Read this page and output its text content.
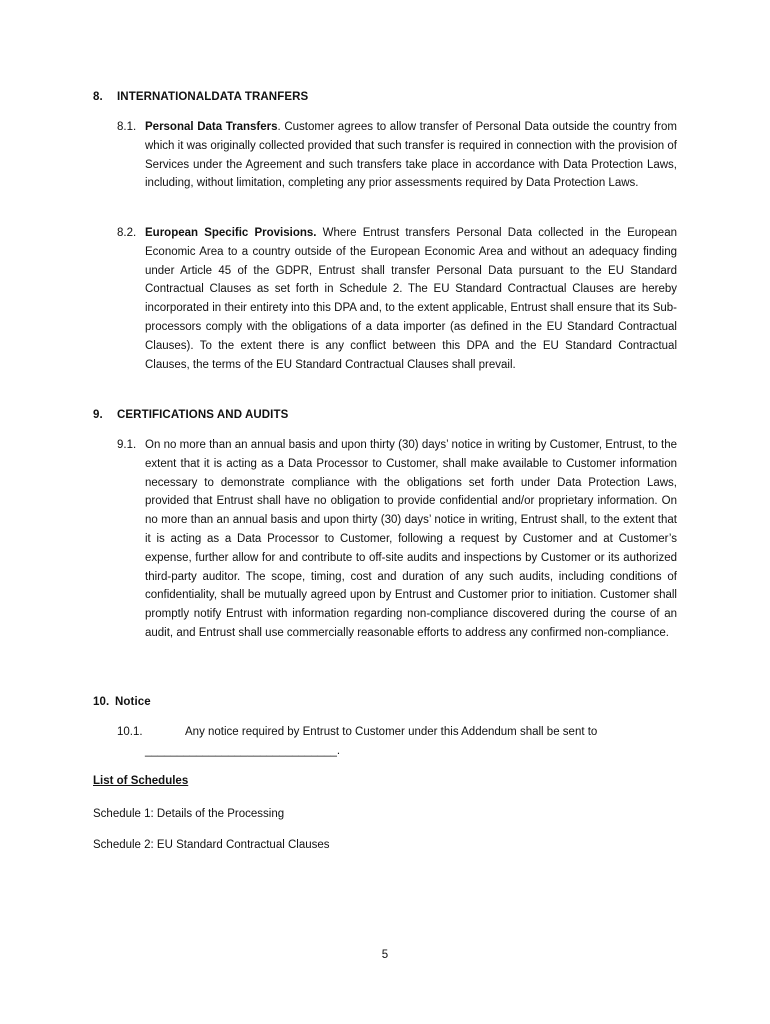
8. INTERNATIONALDATA TRANFERS
8.1. Personal Data Transfers. Customer agrees to allow transfer of Personal Data outside the country from which it was originally collected provided that such transfer is required in connection with the provision of Services under the Agreement and such transfers take place in accordance with Data Protection Laws, including, without limitation, completing any prior assessments required by Data Protection Laws.
8.2. European Specific Provisions. Where Entrust transfers Personal Data collected in the European Economic Area to a country outside of the European Economic Area and without an adequacy finding under Article 45 of the GDPR, Entrust shall transfer Personal Data pursuant to the EU Standard Contractual Clauses as set forth in Schedule 2. The EU Standard Contractual Clauses are hereby incorporated in their entirety into this DPA and, to the extent applicable, Entrust shall ensure that its Sub-processors comply with the obligations of a data importer (as defined in the EU Standard Contractual Clauses). To the extent there is any conflict between this DPA and the EU Standard Contractual Clauses, the terms of the EU Standard Contractual Clauses shall prevail.
9. CERTIFICATIONS AND AUDITS
9.1. On no more than an annual basis and upon thirty (30) days’ notice in writing by Customer, Entrust, to the extent that it is acting as a Data Processor to Customer, shall make available to Customer information necessary to demonstrate compliance with the obligations set forth under Data Protection Laws, provided that Entrust shall have no obligation to provide confidential and/or proprietary information. On no more than an annual basis and upon thirty (30) days’ notice in writing, Entrust shall, to the extent that it is acting as a Data Processor to Customer, following a request by Customer and at Customer’s expense, further allow for and contribute to off-site audits and inspections by Customer or its authorized third-party auditor. The scope, timing, cost and duration of any such audits, including conditions of confidentiality, shall be mutually agreed upon by Entrust and Customer prior to initiation. Customer shall promptly notify Entrust with information regarding non-compliance discovered during the course of an audit, and Entrust shall use commercially reasonable efforts to address any confirmed non-compliance.
10. Notice
10.1.	Any notice required by Entrust to Customer under this Addendum shall be sent to
______________________________.
List of Schedules
Schedule 1: Details of the Processing
Schedule 2: EU Standard Contractual Clauses
5
